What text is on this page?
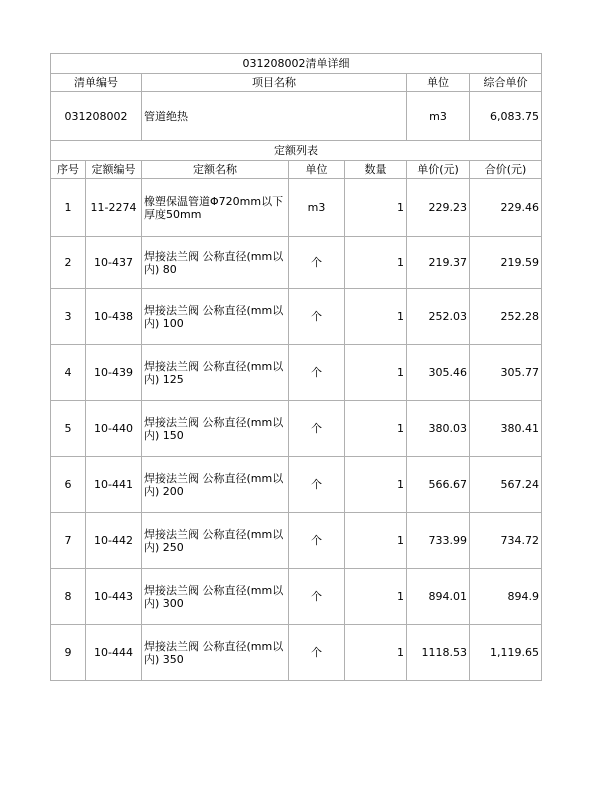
031208002清单详细						
清单编号		项目名称			单位	综合单价
031208002		管道绝热			m3	6,083.75
定额列表						
序号	定额编号	定额名称	单位	数量	单价(元)	合价(元)
1	11-2274	橡塑保温管道Φ720mm以下厚度50mm	m3	1	229.23	229.46
2	10-437	焊接法兰阀 公称直径(mm以内) 80	个	1	219.37	219.59
3	10-438	焊接法兰阀 公称直径(mm以内) 100	个	1	252.03	252.28
4	10-439	焊接法兰阀 公称直径(mm以内) 125	个	1	305.46	305.77
5	10-440	焊接法兰阀 公称直径(mm以内) 150	个	1	380.03	380.41
6	10-441	焊接法兰阀 公称直径(mm以内) 200	个	1	566.67	567.24
7	10-442	焊接法兰阀 公称直径(mm以内) 250	个	1	733.99	734.72
8	10-443	焊接法兰阀 公称直径(mm以内) 300	个	1	894.01	894.9
9	10-444	焊接法兰阀 公称直径(mm以内) 350	个	1	1118.53	1,119.65
